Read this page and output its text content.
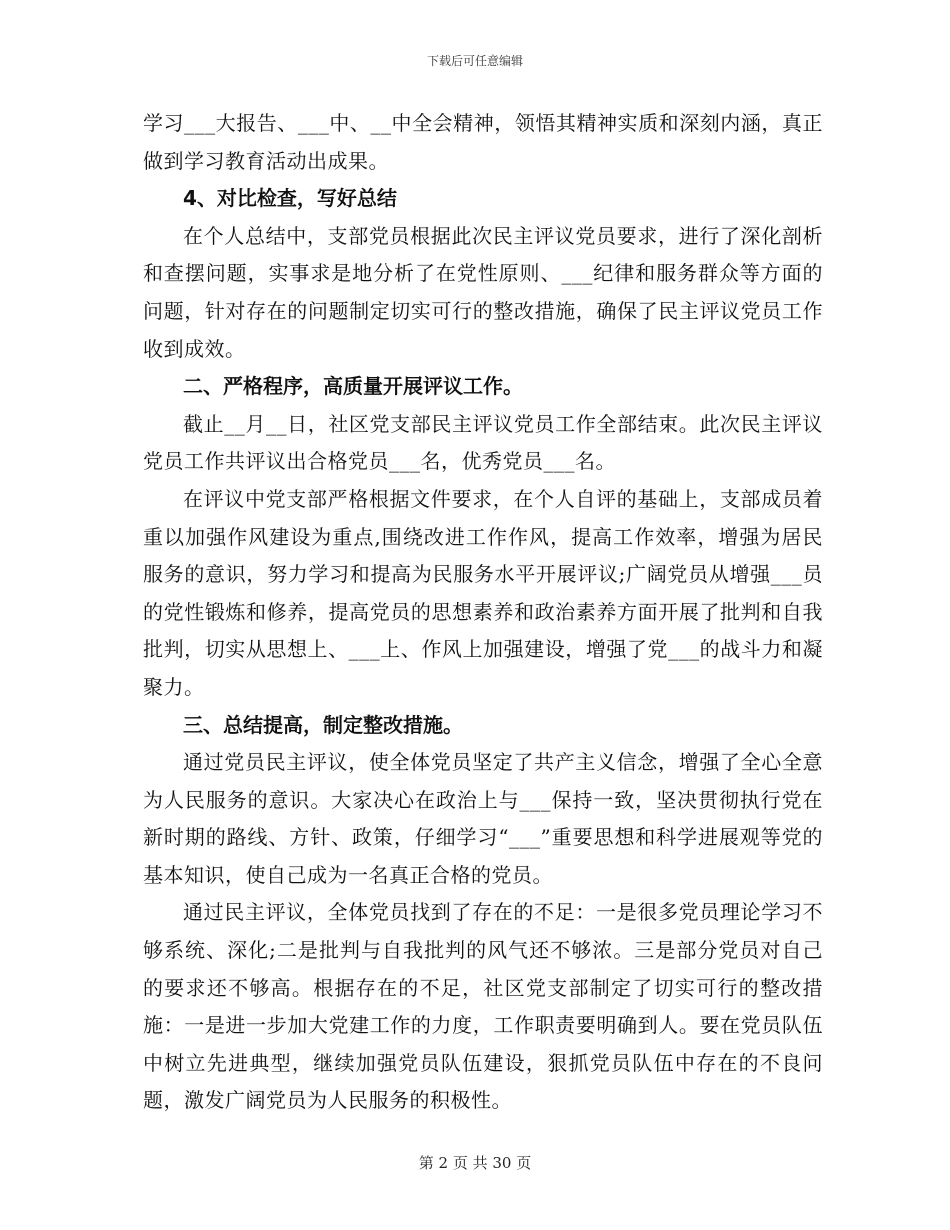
下载后可任意编辑

学习___大报告、___中、__中全会精神，领悟其精神实质和深刻内涵，真正做到学习教育活动出成果。

4、对比检查，写好总结

在个人总结中，支部党员根据此次民主评议党员要求，进行了深化剖析和查摆问题，实事求是地分析了在党性原则、___纪律和服务群众等方面的问题，针对存在的问题制定切实可行的整改措施，确保了民主评议党员工作收到成效。

二、严格程序，高质量开展评议工作。

截止__月__日，社区党支部民主评议党员工作全部结束。此次民主评议党员工作共评议出合格党员___名，优秀党员___名。

在评议中党支部严格根据文件要求，在个人自评的基础上，支部成员着重以加强作风建设为重点,围绕改进工作作风，提高工作效率，增强为居民服务的意识，努力学习和提高为民服务水平开展评议;广阔党员从增强___员的党性锻炼和修养，提高党员的思想素养和政治素养方面开展了批判和自我批判，切实从思想上、___上、作风上加强建设，增强了党___的战斗力和凝聚力。

三、总结提高，制定整改措施。

通过党员民主评议，使全体党员坚定了共产主义信念，增强了全心全意为人民服务的意识。大家决心在政治上与___保持一致，坚决贯彻执行党在新时期的路线、方针、政策，仔细学习“___”重要思想和科学进展观等党的基本知识，使自己成为一名真正合格的党员。

通过民主评议，全体党员找到了存在的不足：一是很多党员理论学习不够系统、深化;二是批判与自我批判的风气还不够浓。三是部分党员对自己的要求还不够高。根据存在的不足，社区党支部制定了切实可行的整改措施：一是进一步加大党建工作的力度，工作职责要明确到人。要在党员队伍中树立先进典型，继续加强党员队伍建设，狠抓党员队伍中存在的不良问题，激发广阔党员为人民服务的积极性。

第 2 页 共 30 页
